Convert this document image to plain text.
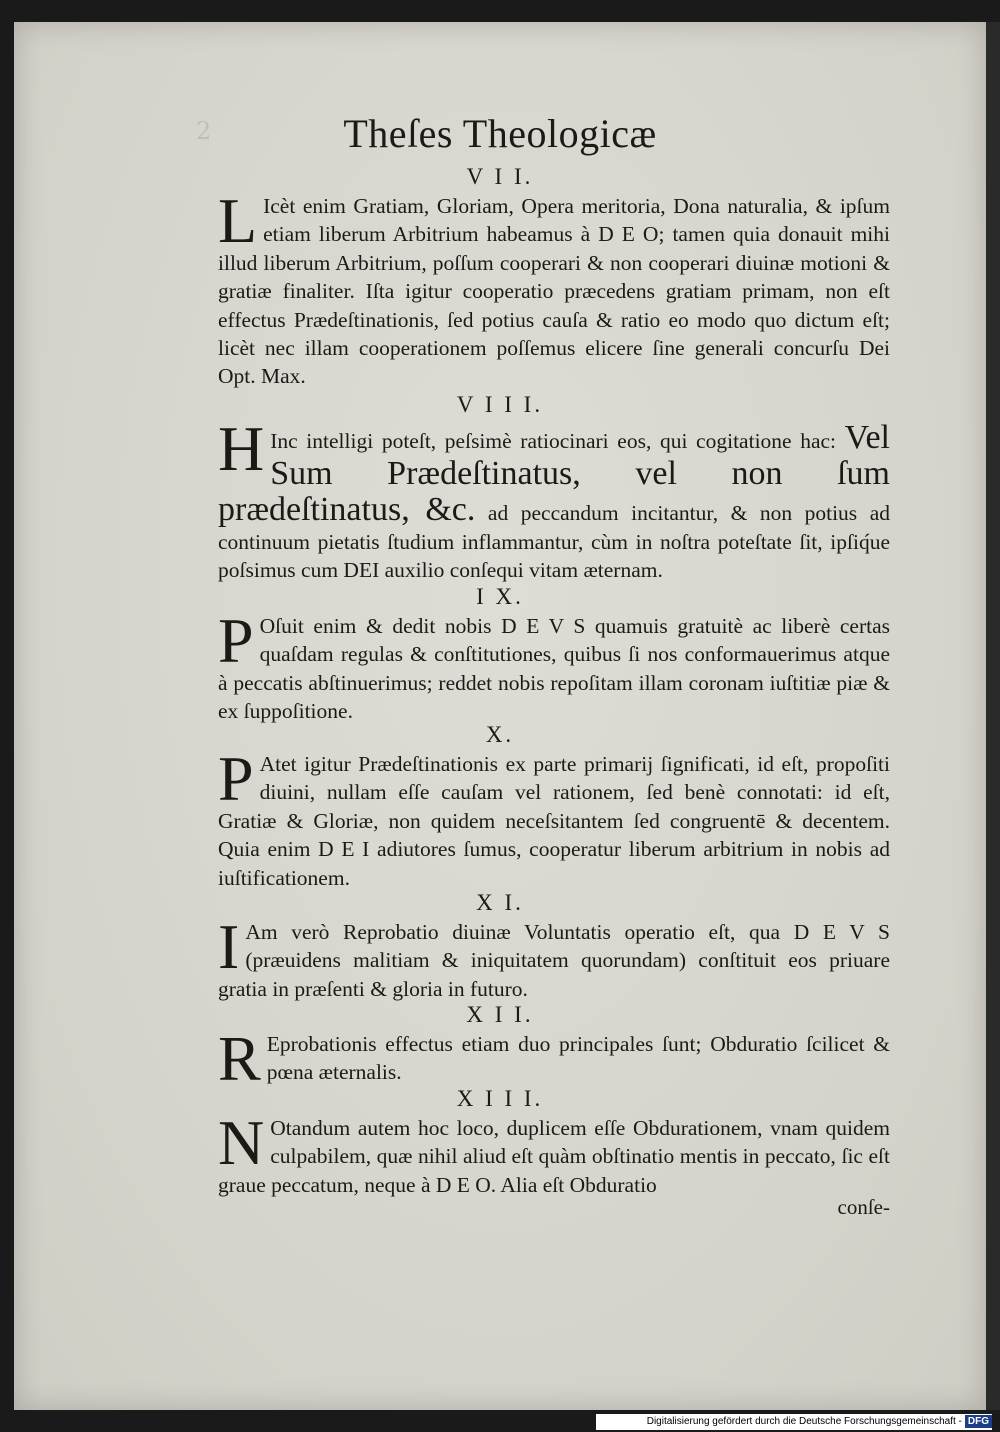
2	Theſes Theologicæ
V I I.

L Icèt enim Gratiam, Gloriam, Opera meritoria, Dona naturalia, & ipſum etiam liberum Arbitrium habeamus à D E O; tamen quia donauit mihi illud liberum Arbitrium, poſſum cooperari & non cooperari diuinæ motioni & gratiæ finaliter. Iſta igitur cooperatio præcedens gratiam primam, non eſt effectus Prædeſtinationis, ſed potius cauſa & ratio eo modo quo dictum eſt; licèt nec illam cooperationem poſſemus elicere ſine generali concurſu Dei Opt. Max.

V I I I.

H Inc intelligi poteſt, peſsimè ratiocinari eos, qui cogitatione hac: Vel Sum Prædeſtinatus, vel non ſum prædeſtinatus, &c. ad peccandum incitantur, & non potius ad continuum pietatis ſtudium inflammantur, cùm in noſtra poteſtate ſit, ipſiq́ue poſsimus cum DEI auxilio conſequi vitam æternam.

I X.

P Oſuit enim & dedit nobis D E V S quamuis gratuitè ac liberè certas quaſdam regulas & conſtitutiones, quibus ſi nos conformauerimus atque à peccatis abſtinuerimus; reddet nobis repoſitam illam coronam iuſtitiæ piæ & ex ſuppoſitione.

X.

P Atet igitur Prædeſtinationis ex parte primarij ſignificati, id eſt, propoſiti diuini, nullam eſſe cauſam vel rationem, ſed benè connotati: id eſt, Gratiæ & Gloriæ, non quidem neceſsitantem ſed congruentē & decentem. Quia enim D E I adiutores ſumus, cooperatur liberum arbitrium in nobis ad iuſtificationem.

X I.

I Am verò Reprobatio diuinæ Voluntatis operatio eſt, qua D E V S (præuidens malitiam & iniquitatem quorundam) conſtituit eos priuare gratia in præſenti & gloria in futuro.

X I I.

R Eprobationis effectus etiam duo principales ſunt; Obduratio ſcilicet & pœna æternalis.

X I I I.

N Otandum autem hoc loco, duplicem eſſe Obdurationem, vnam quidem culpabilem, quæ nihil aliud eſt quàm obſtinatio mentis in peccato, ſic eſt graue peccatum, neque à D E O. Alia eſt Obduratio

conſe-
Digitalisierung gefördert durch die Deutsche Forschungsgemeinschaft - DFG
